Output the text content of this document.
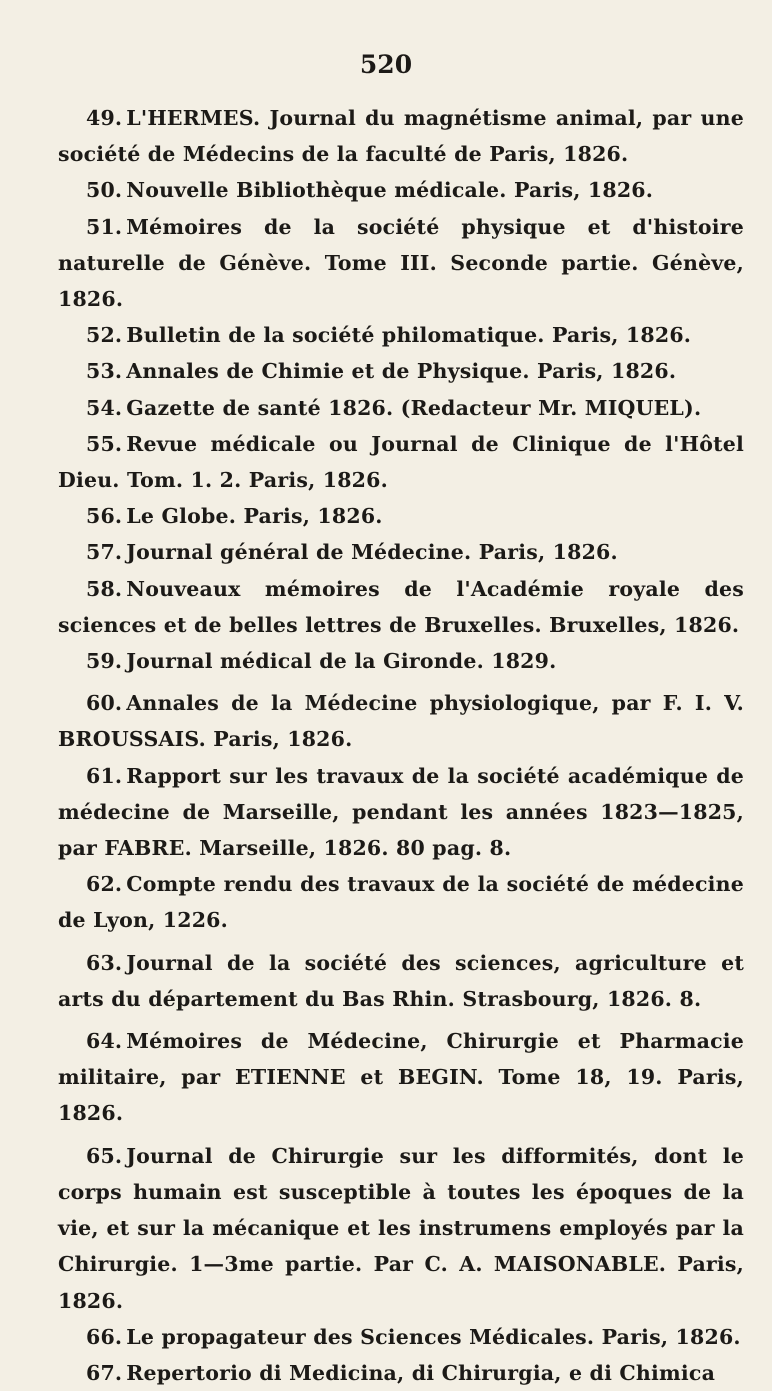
520

49. L'HERMES. Journal du magnétisme animal, par une société de Médecins de la faculté de Paris, 1826.

50. Nouvelle Bibliothèque médicale. Paris, 1826.

51. Mémoires de la société physique et d'histoire naturelle de Génève. Tome III. Seconde partie. Génève, 1826.

52. Bulletin de la société philomatique. Paris, 1826.

53. Annales de Chimie et de Physique. Paris, 1826.

54. Gazette de santé 1826. (Redacteur Mr. MIQUEL).

55. Revue médicale ou Journal de Clinique de l'Hôtel Dieu. Tom. 1. 2. Paris, 1826.

56. Le Globe. Paris, 1826.

57. Journal général de Médecine. Paris, 1826.

58. Nouveaux mémoires de l'Académie royale des sciences et de belles lettres de Bruxelles. Bruxelles, 1826.

59. Journal médical de la Gironde. 1829.

60. Annales de la Médecine physiologique, par F. I. V. BROUSSAIS. Paris, 1826.

61. Rapport sur les travaux de la société académique de médecine de Marseille, pendant les années 1823—1825, par FABRE. Marseille, 1826. 80 pag. 8.

62. Compte rendu des travaux de la société de médecine de Lyon, 1226.

63. Journal de la société des sciences, agriculture et arts du département du Bas Rhin. Strasbourg, 1826. 8.

64. Mémoires de Médecine, Chirurgie et Pharmacie militaire, par ETIENNE et BEGIN. Tome 18, 19. Paris, 1826.

65. Journal de Chirurgie sur les difformités, dont le corps humain est susceptible à toutes les époques de la vie, et sur la mécanique et les instrumens employés par la Chirurgie. 1—3me partie. Par C. A. MAISONABLE. Paris, 1826.

66. Le propagateur des Sciences Médicales. Paris, 1826.

67. Repertorio di Medicina, di Chirurgia, e di Chimica
